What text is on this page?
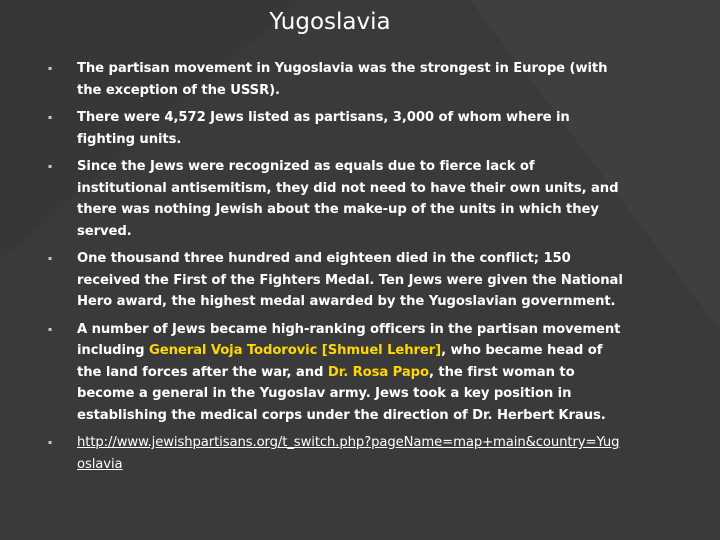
Yugoslavia
▪ The partisan movement in Yugoslavia was the strongest in Europe (with the exception of the USSR).
▪ There were 4,572 Jews listed as partisans, 3,000 of whom where in fighting units.
▪ Since the Jews were recognized as equals due to fierce lack of institutional antisemitism, they did not need to have their own units, and there was nothing Jewish about the make-up of the units in which they served.
▪ One thousand three hundred and eighteen died in the conflict; 150 received the First of the Fighters Medal. Ten Jews were given the National Hero award, the highest medal awarded by the Yugoslavian government.
▪ A number of Jews became high-ranking officers in the partisan movement including General Voja Todorovic [Shmuel Lehrer], who became head of the land forces after the war, and Dr. Rosa Papo, the first woman to become a general in the Yugoslav army. Jews took a key position in establishing the medical corps under the direction of Dr. Herbert Kraus.
▪ http://www.jewishpartisans.org/t_switch.php?pageName=map+main&country=Yugoslavia
